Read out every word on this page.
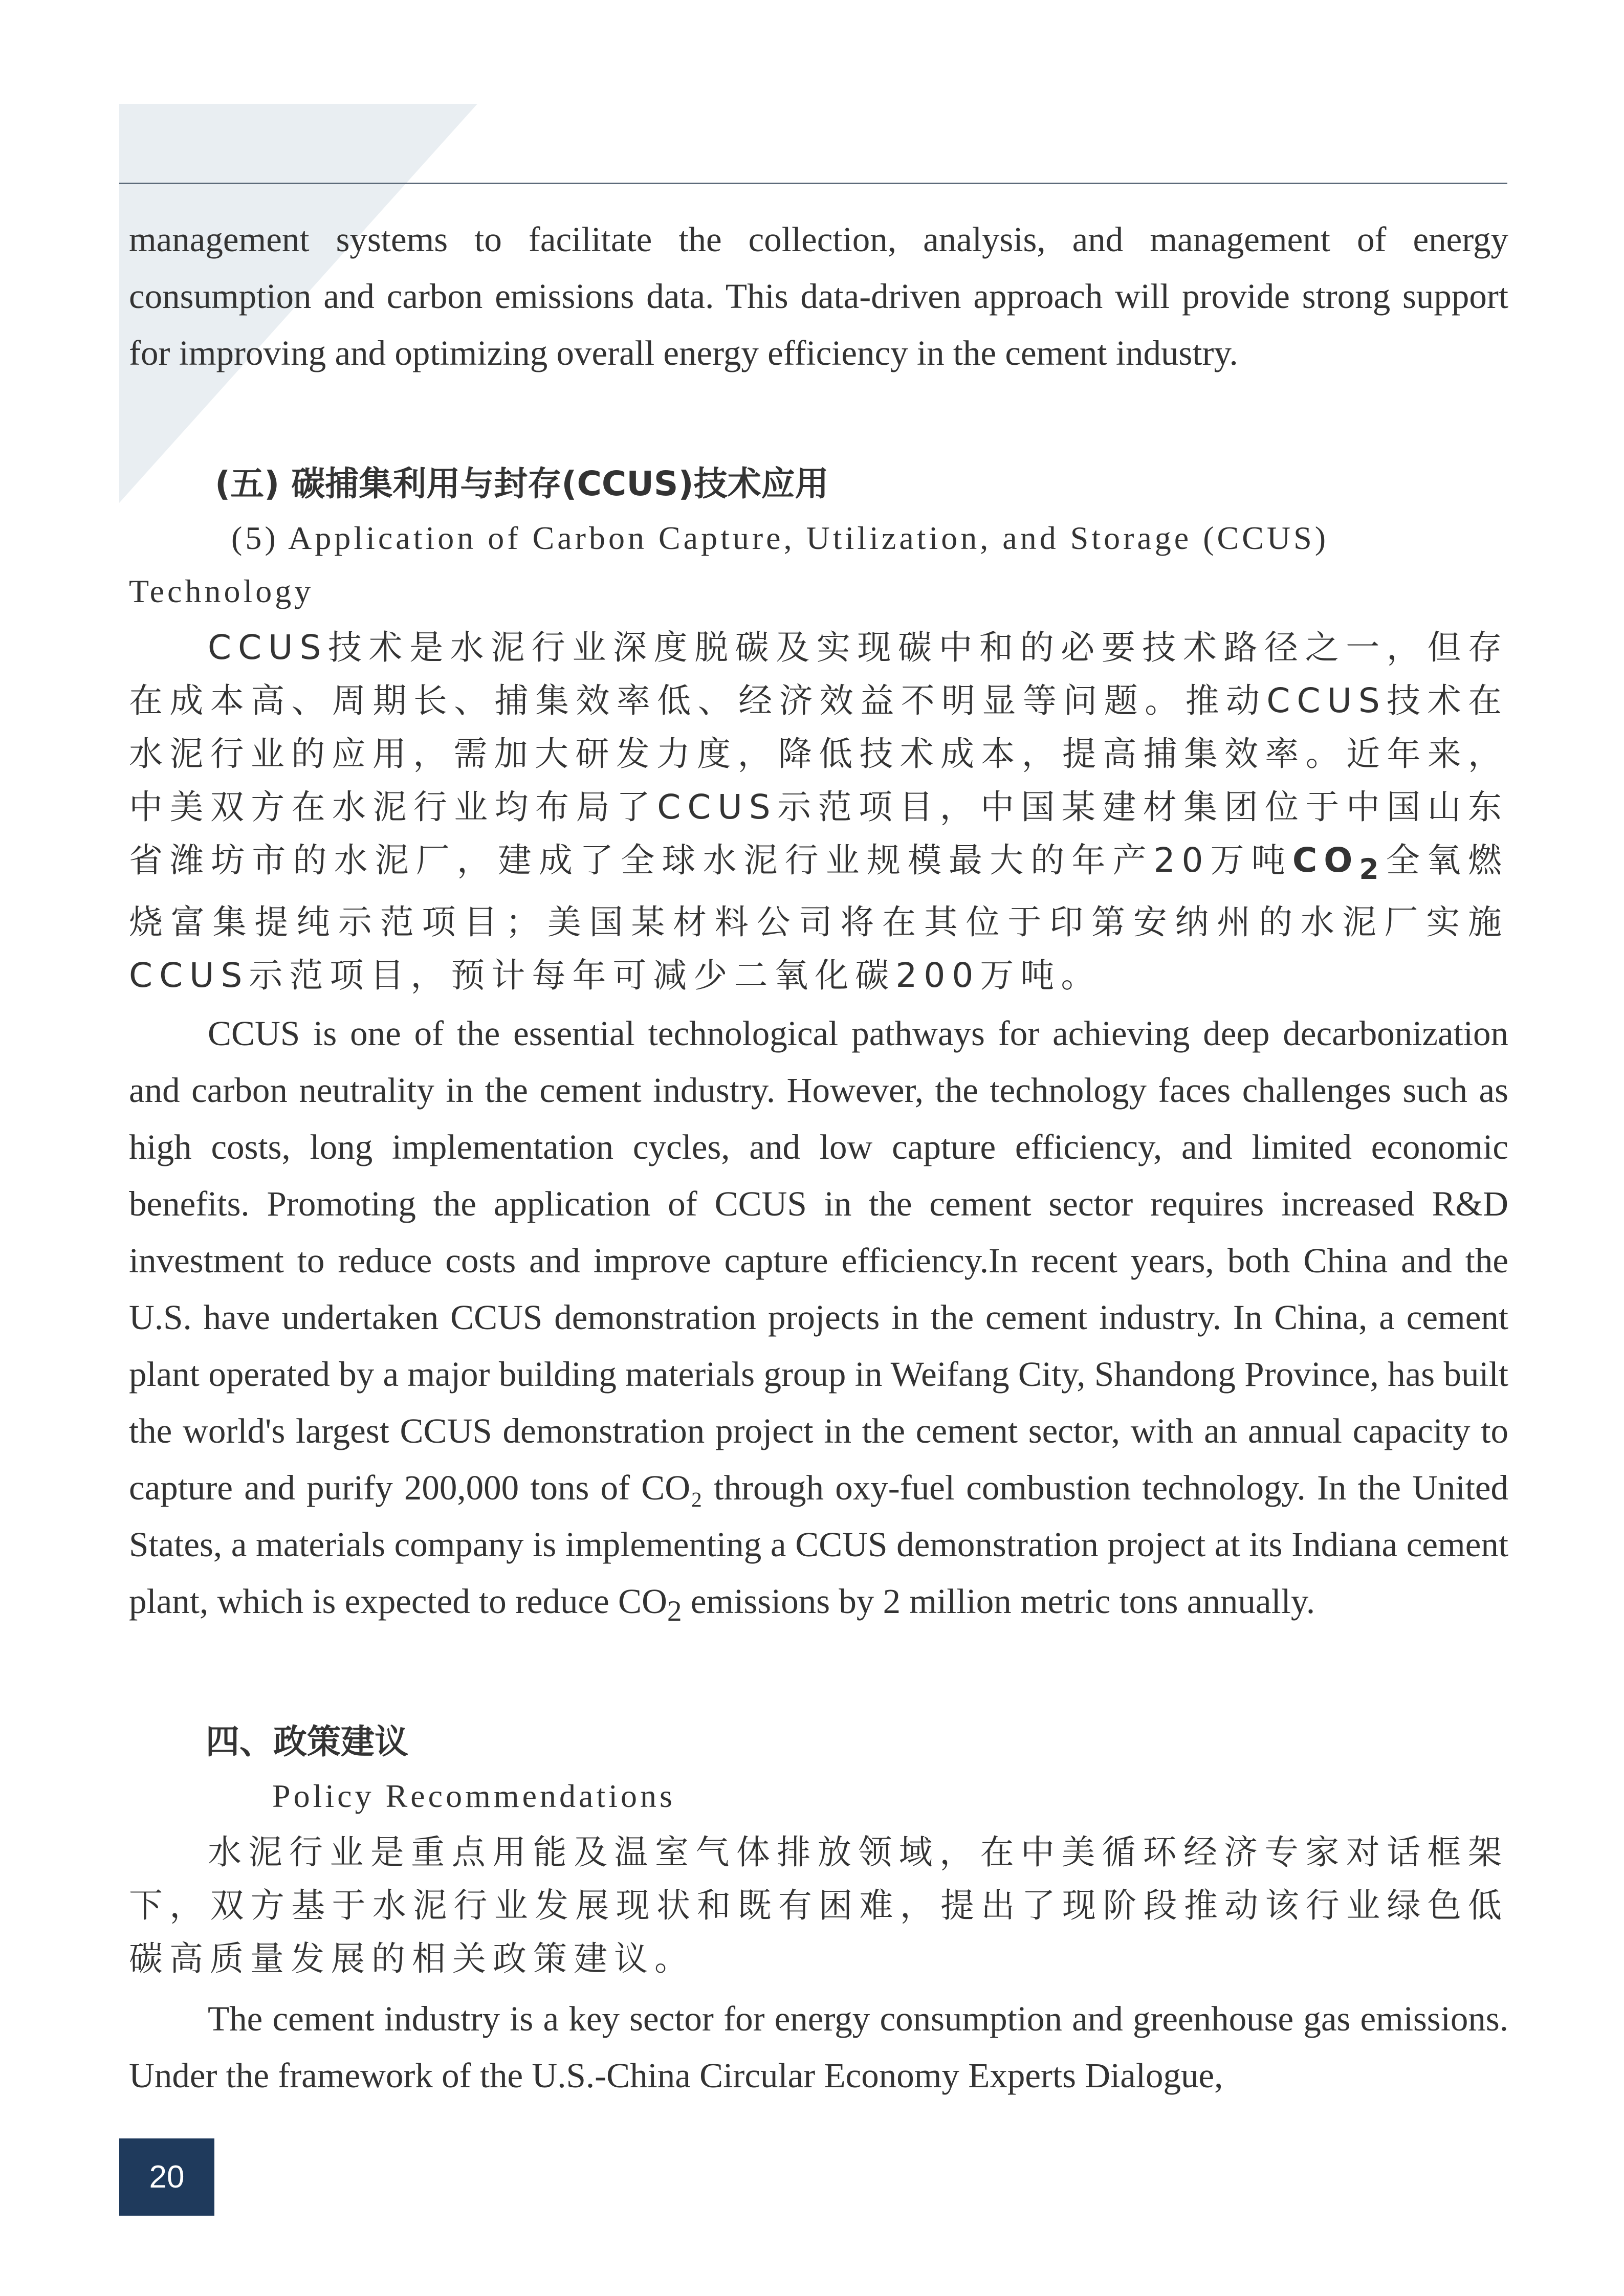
management systems to facilitate the collection, analysis, and management of energy consumption and carbon emissions data. This data-driven approach will provide strong support for improving and optimizing overall energy efficiency in the cement industry.

(五) 碳捕集利用与封存(CCUS)技术应用

(5) Application of Carbon Capture, Utilization, and Storage (CCUS) Technology

CCUS技术是水泥行业深度脱碳及实现碳中和的必要技术路径之一，但存在成本高、周期长、捕集效率低、经济效益不明显等问题。推动CCUS技术在水泥行业的应用，需加大研发力度，降低技术成本，提高捕集效率。近年来，中美双方在水泥行业均布局了CCUS示范项目，中国某建材集团位于中国山东省潍坊市的水泥厂，建成了全球水泥行业规模最大的年产20万吨$CO_2$全氧燃烧富集提纯示范项目；美国某材料公司将在其位于印第安纳州的水泥厂实施CCUS示范项目，预计每年可减少二氧化碳200万吨。

CCUS is one of the essential technological pathways for achieving deep decarbonization and carbon neutrality in the cement industry. However, the technology faces challenges such as high costs, long implementation cycles, and low capture efficiency, and limited economic benefits. Promoting the application of CCUS in the cement sector requires increased R&D investment to reduce costs and improve capture efficiency.In recent years, both China and the U.S. have undertaken CCUS demonstration projects in the cement industry. In China, a cement plant operated by a major building materials group in Weifang City, Shandong Province, has built the world's largest CCUS demonstration project in the cement sector, with an annual capacity to capture and purify 200,000 tons of CO₂ through oxy-fuel combustion technology. In the United States, a materials company is implementing a CCUS demonstration project at its Indiana cement plant, which is expected to reduce $CO_2$ emissions by 2 million metric tons annually.

四、政策建议

Policy Recommendations

水泥行业是重点用能及温室气体排放领域，在中美循环经济专家对话框架下，双方基于水泥行业发展现状和既有困难，提出了现阶段推动该行业绿色低碳高质量发展的相关政策建议。

The cement industry is a key sector for energy consumption and greenhouse gas emissions. Under the framework of the U.S.-China Circular Economy Experts Dialogue,

20
